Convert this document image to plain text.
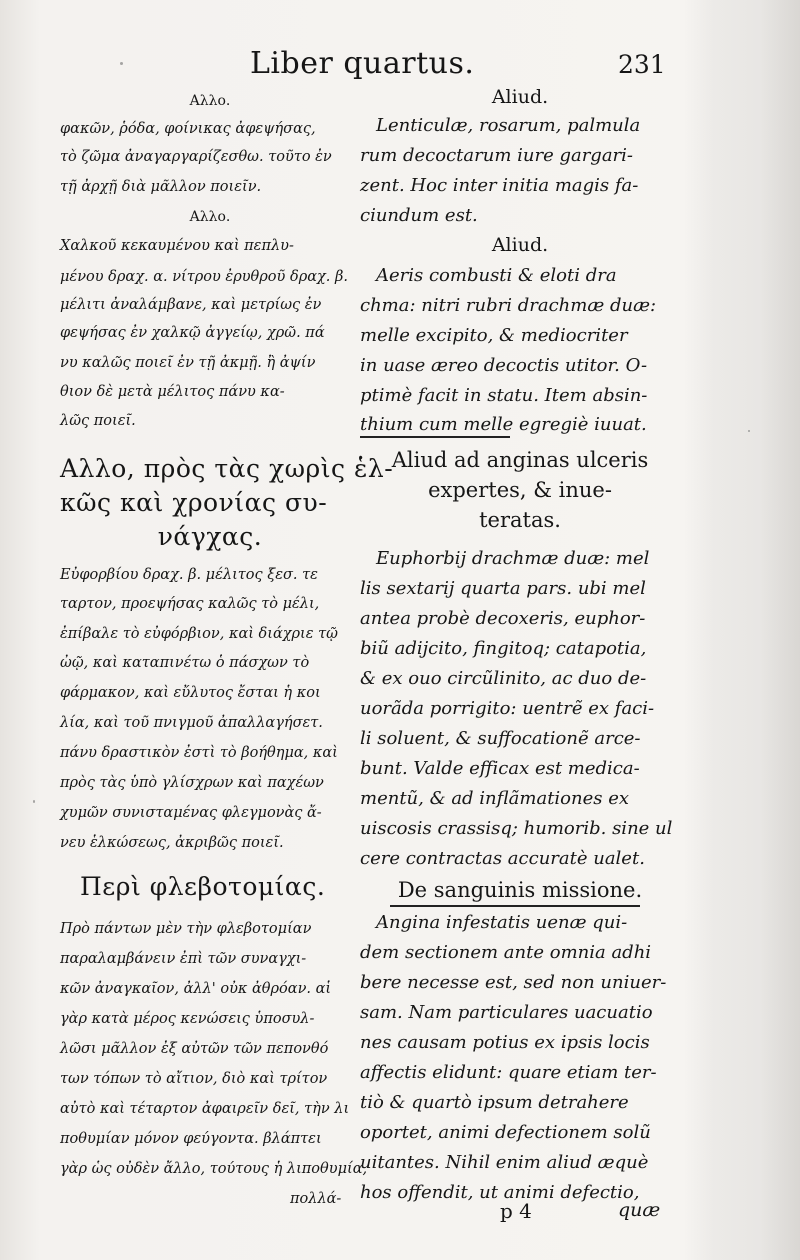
Liber quartus.	231
Αλλο.
φακῶν, ῥόδα, φοίνικας ἀφεψήσας,
τὸ ζῶμα ἀναγαργαρίζεσθω. τοῦτο ἐν
τῇ ἀρχῇ διὰ μᾶλλον ποιεῖν.
Αλλο.
Χαλκοῦ κεκαυμένου καὶ πεπλυ-
μένου δραχ. α. νίτρου ἐρυθροῦ δραχ. β.
μέλιτι ἀναλάμβανε, καὶ μετρίως ἐν
φεψήσας ἐν χαλκῷ ἀγγείῳ, χρῶ. πά
νυ καλῶς ποιεῖ ἐν τῇ ἀκμῇ. ἢ ἀψίν
θιον δὲ μετὰ μέλιτος πάνυ κα-
λῶς ποιεῖ.
Αλλο, πρὸς τὰς χωρὶς ἑλ-
κῶς καὶ χρονίας συ-
νάγχας.
Εὐφορβίου δραχ. β. μέλιτος ξεσ. τε
ταρτον, προεψήσας καλῶς τὸ μέλι,
ἐπίβαλε τὸ εὐφόρβιον, καὶ διάχριε τῷ
ὠῷ, καὶ καταπινέτω ὁ πάσχων τὸ
φάρμακον, καὶ εὔλυτος ἔσται ἡ κοι
λία, καὶ τοῦ πνιγμοῦ ἀπαλλαγήσετ.
πάνυ δραστικὸν ἐστὶ τὸ βοήθημα, καὶ
πρὸς τὰς ὑπὸ γλίσχρων καὶ παχέων
χυμῶν συνισταμένας φλεγμονὰς ἄ-
νευ ἑλκώσεως, ἀκριβῶς ποιεῖ.
Περὶ φλεβοτομίας.
Πρὸ πάντων μὲν τὴν φλεβοτομίαν
παραλαμβάνειν ἐπὶ τῶν συναγχι-
κῶν ἀναγκαῖον, ἀλλ' οὐκ ἀθρόαν. αἱ
γὰρ κατὰ μέρος κενώσεις ὑποσυλ-
λῶσι μᾶλλον ἐξ αὐτῶν τῶν πεπονθό
των τόπων τὸ αἴτιον, διὸ καὶ τρίτον
αὐτὸ καὶ τέταρτον ἀφαιρεῖν δεῖ, τὴν λι
ποθυμίαν μόνον φεύγοντα. βλάπτει
γὰρ ὡς οὐδὲν ἄλλο, τούτους ἡ λιποθυμία,
πολλά-
Aliud.
Lenticulæ, rosarum, palmula
rum decoctarum iure gargari-
zent. Hoc inter initia magis fa-
ciundum est.
Aliud.
Aeris combusti & eloti dra
chma: nitri rubri drachmæ duæ:
melle excipito, & mediocriter
in uase æreo decoctis utitor. O-
ptimè facit in statu. Item absin-
thium cum melle egregiè iuuat.
Aliud ad anginas ulceris
expertes, & inue-
teratas.
Euphorbij drachmæ duæ: mel
lis sextarij quarta pars. ubi mel
antea probè decoxeris, euphor-
biũ adijcito, fingitoq; catapotia,
& ex ouo circũlinito, ac duo de-
uorãda porrigito: uentrẽ ex faci-
li soluent, & suffocationẽ arce-
bunt. Valde efficax est medica-
mentũ, & ad inflãmationes ex
uiscosis crassisq; humorib. sine ul
cere contractas accuratè ualet.
De sanguinis missione.
Angina infestatis uenæ qui-
dem sectionem ante omnia adhi
bere necesse est, sed non uniuer-
sam. Nam particulares uacuatio
nes causam potius ex ipsis locis
affectis elidunt: quare etiam ter-
tiò & quartò ipsum detrahere
oportet, animi defectionem solũ
uitantes. Nihil enim aliud æquè
hos offendit, ut animi defectio,
p 4	quæ
